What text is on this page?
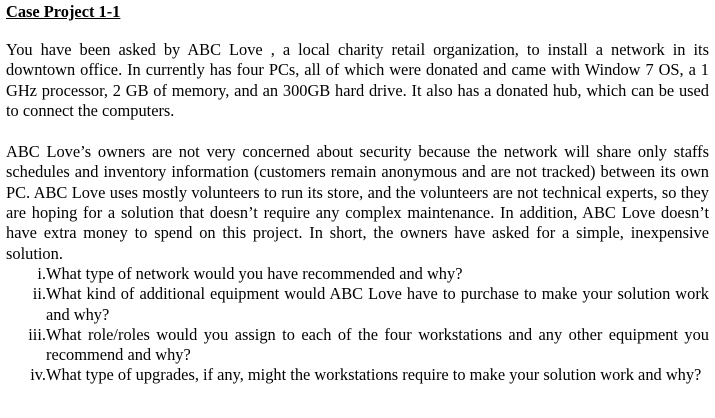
Case Project 1-1

You have been asked by ABC Love , a local charity retail organization, to install a network in its downtown office. In currently has four PCs, all of which were donated and came with Window 7 OS, a 1 GHz processor, 2 GB of memory, and an 300GB hard drive. It also has a donated hub, which can be used to connect the computers.

ABC Love’s owners are not very concerned about security because the network will share only staffs schedules and inventory information (customers remain anonymous and are not tracked) between its own PC. ABC Love uses mostly volunteers to run its store, and the volunteers are not technical experts, so they are hoping for a solution that doesn’t require any complex maintenance. In addition, ABC Love doesn’t have extra money to spend on this project. In short, the owners have asked for a simple, inexpensive solution.

i. What type of network would you have recommended and why?
ii. What kind of additional equipment would ABC Love have to purchase to make your solution work and why?
iii. What role/roles would you assign to each of the four workstations and any other equipment you recommend and why?
iv. What type of upgrades, if any, might the workstations require to make your solution work and why?
